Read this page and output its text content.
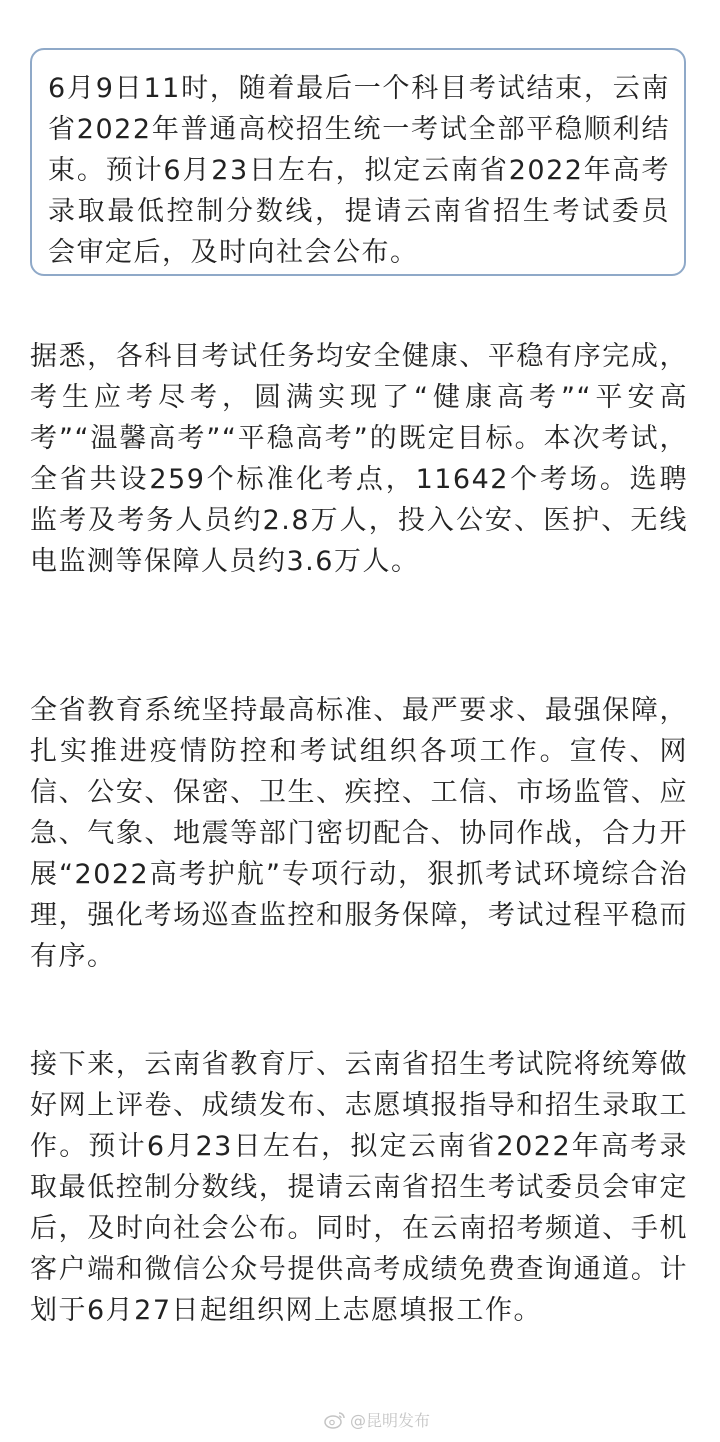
6月9日11时，随着最后一个科目考试结束，云南省2022年普通高校招生统一考试全部平稳顺利结束。预计6月23日左右，拟定云南省2022年高考录取最低控制分数线，提请云南省招生考试委员会审定后，及时向社会公布。

据悉，各科目考试任务均安全健康、平稳有序完成，考生应考尽考，圆满实现了“健康高考”“平安高考”“温馨高考”“平稳高考”的既定目标。本次考试，全省共设259个标准化考点，11642个考场。选聘监考及考务人员约2.8万人，投入公安、医护、无线电监测等保障人员约3.6万人。

全省教育系统坚持最高标准、最严要求、最强保障，扎实推进疫情防控和考试组织各项工作。宣传、网信、公安、保密、卫生、疾控、工信、市场监管、应急、气象、地震等部门密切配合、协同作战，合力开展“2022高考护航”专项行动，狠抓考试环境综合治理，强化考场巡查监控和服务保障，考试过程平稳而有序。

接下来，云南省教育厅、云南省招生考试院将统筹做好网上评卷、成绩发布、志愿填报指导和招生录取工作。预计6月23日左右，拟定云南省2022年高考录取最低控制分数线，提请云南省招生考试委员会审定后，及时向社会公布。同时，在云南招考频道、手机客户端和微信公众号提供高考成绩免费查询通道。计划于6月27日起组织网上志愿填报工作。

@昆明发布
